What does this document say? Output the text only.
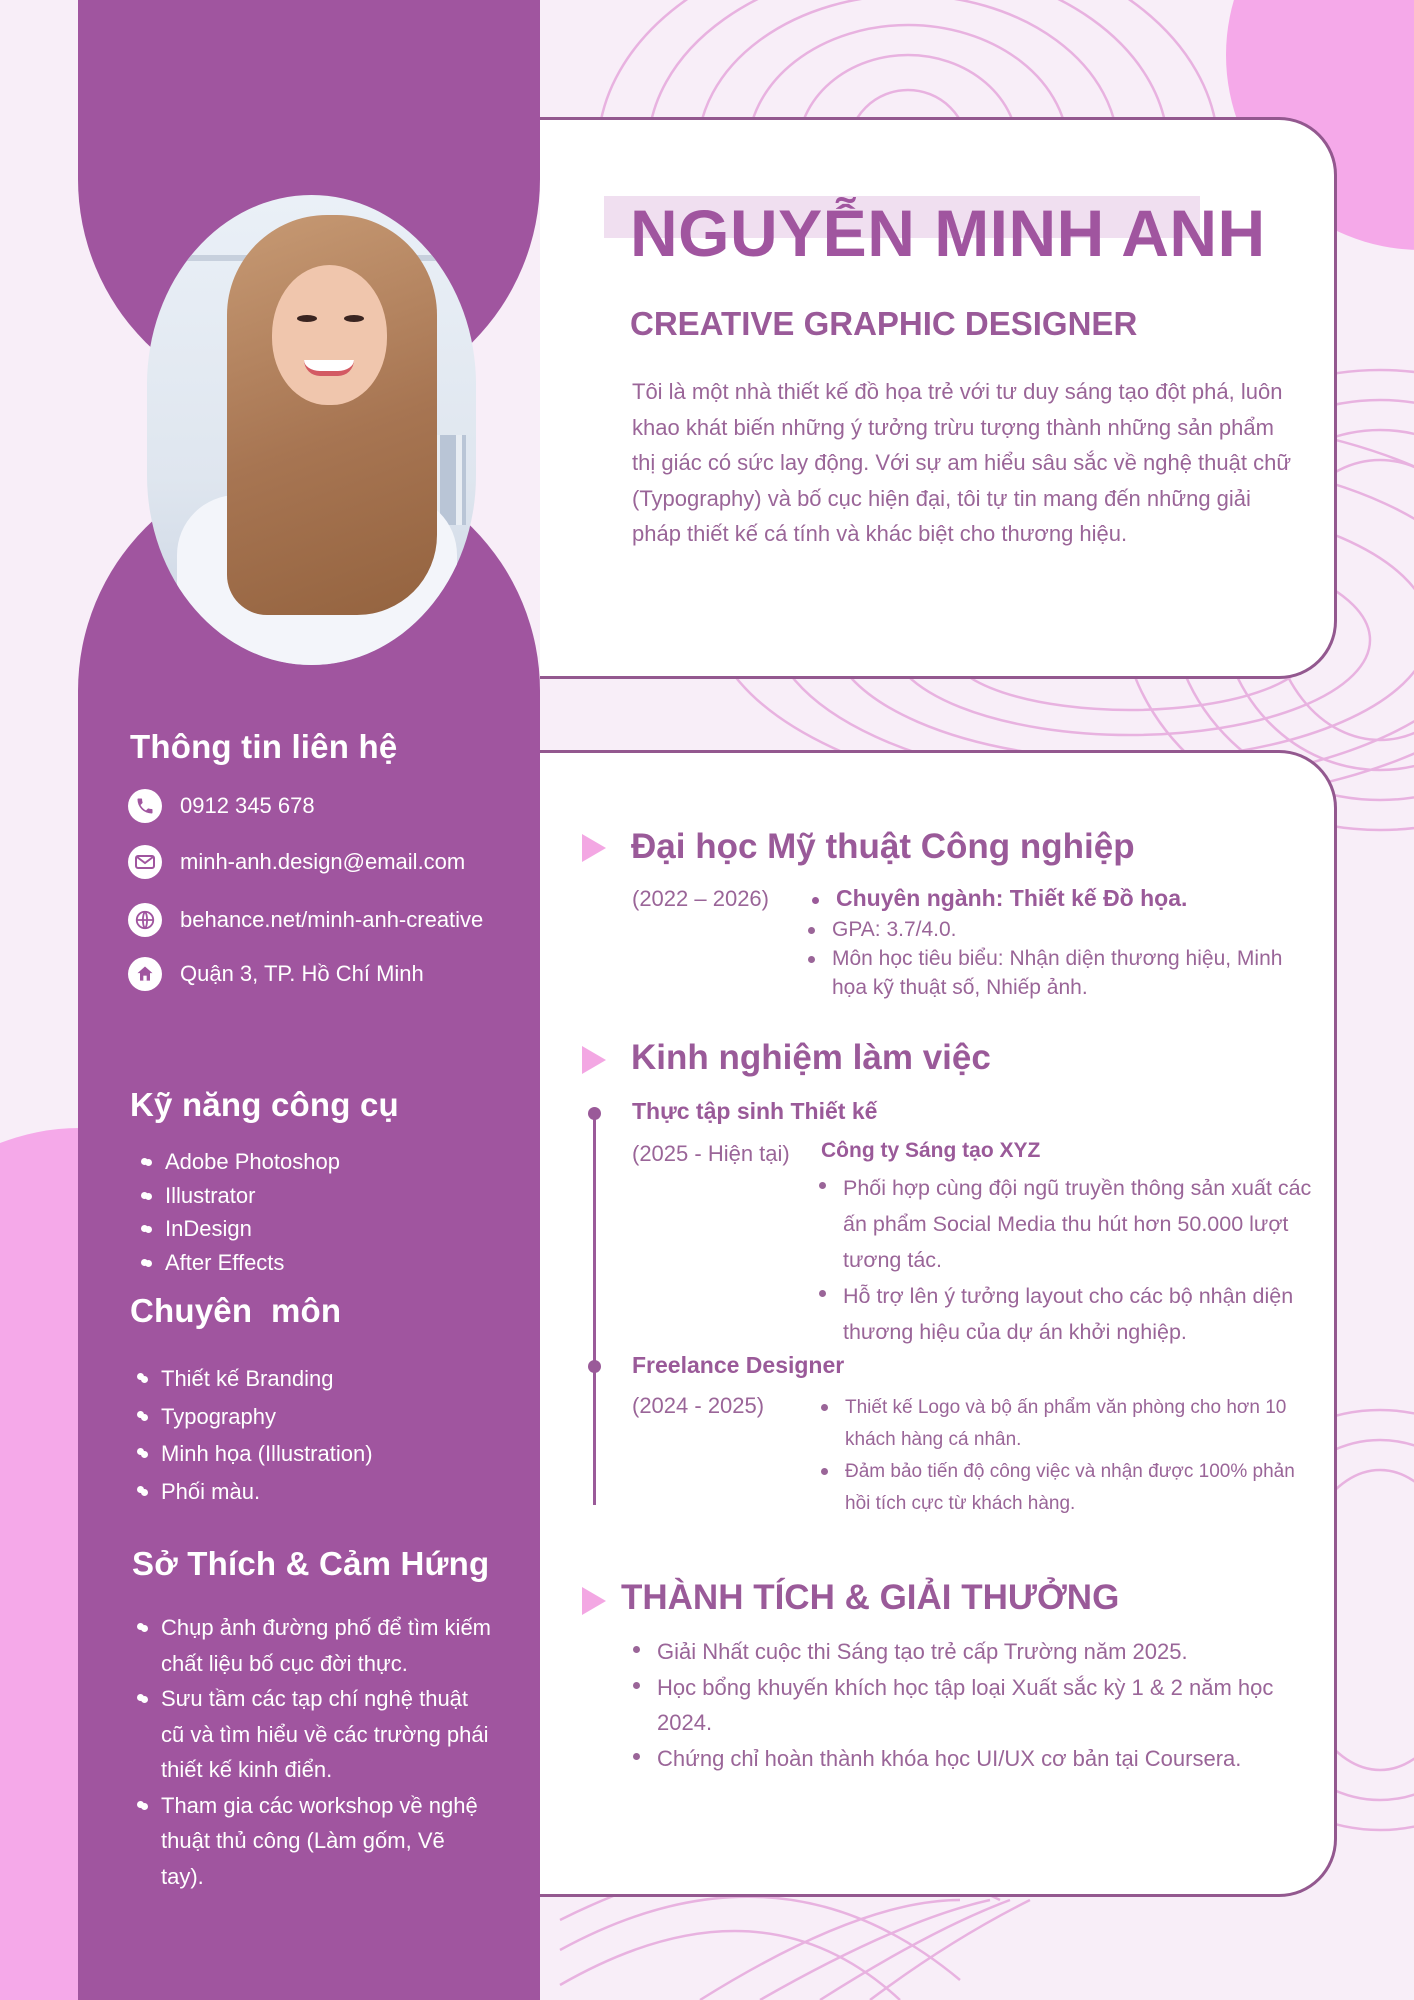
NGUYỄN MINH ANH
CREATIVE GRAPHIC DESIGNER
Tôi là một nhà thiết kế đồ họa trẻ với tư duy sáng tạo đột phá, luôn khao khát biến những ý tưởng trừu tượng thành những sản phẩm thị giác có sức lay động. Với sự am hiểu sâu sắc về nghệ thuật chữ (Typography) và bố cục hiện đại, tôi tự tin mang đến những giải pháp thiết kế cá tính và khác biệt cho thương hiệu.
Thông tin liên hệ
0912 345 678
minh-anh.design@email.com
behance.net/minh-anh-creative
Quận 3, TP. Hồ Chí Minh
Kỹ năng công cụ
• Adobe Photoshop
• Illustrator
• InDesign
• After Effects
Chuyên  môn
• Thiết kế Branding
• Typography
• Minh họa (Illustration)
• Phối màu.
Sở Thích & Cảm Hứng
• Chụp ảnh đường phố để tìm kiếm chất liệu bố cục đời thực.
• Sưu tầm các tạp chí nghệ thuật cũ và tìm hiểu về các trường phái thiết kế kinh điển.
• Tham gia các workshop về nghệ thuật thủ công (Làm gốm, Vẽ tay).
Đại học Mỹ thuật Công nghiệp
(2022 – 2026)	Chuyên ngành: Thiết kế Đồ họa.
GPA: 3.7/4.0.
Môn học tiêu biểu: Nhận diện thương hiệu, Minh họa kỹ thuật số, Nhiếp ảnh.
Kinh nghiệm làm việc
Thực tập sinh Thiết kế
(2025 - Hiện tại) Công ty Sáng tạo XYZ
Phối hợp cùng đội ngũ truyền thông sản xuất các ấn phẩm Social Media thu hút hơn 50.000 lượt tương tác.
Hỗ trợ lên ý tưởng layout cho các bộ nhận diện thương hiệu của dự án khởi nghiệp.
Freelance Designer
(2024 - 2025)	Thiết kế Logo và bộ ấn phẩm văn phòng cho hơn 10 khách hàng cá nhân.
Đảm bảo tiến độ công việc và nhận được 100% phản hồi tích cực từ khách hàng.
THÀNH TÍCH & GIẢI THƯỞNG
Giải Nhất cuộc thi Sáng tạo trẻ cấp Trường năm 2025.
Học bổng khuyến khích học tập loại Xuất sắc kỳ 1 & 2 năm học 2024.
Chứng chỉ hoàn thành khóa học UI/UX cơ bản tại Coursera.
